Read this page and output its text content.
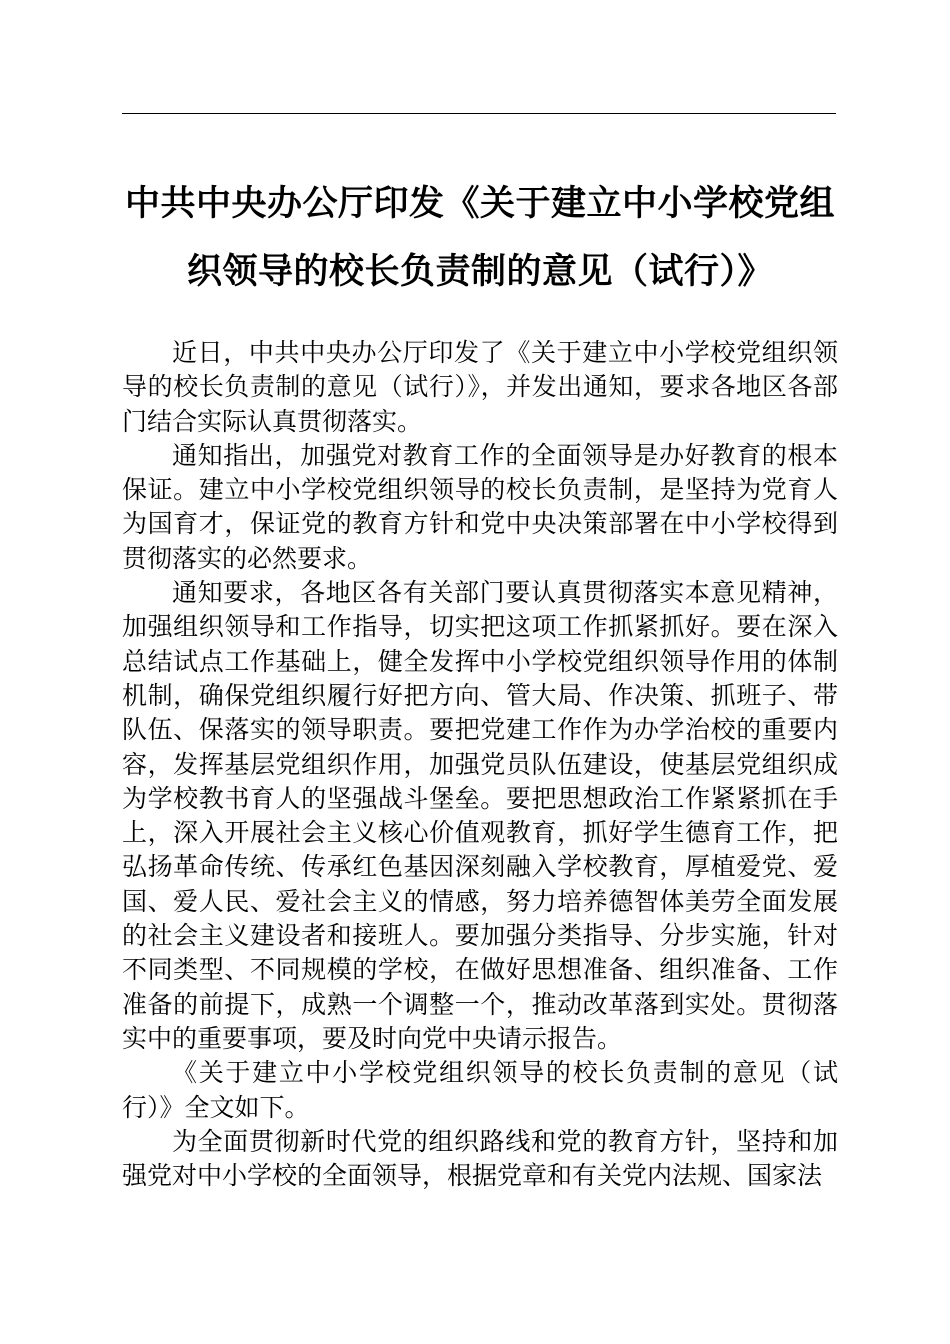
中共中央办公厅印发《关于建立中小学校党组
织领导的校长负责制的意见（试行）》

近日，中共中央办公厅印发了《关于建立中小学校党组织领导的校长负责制的意见（试行）》，并发出通知，要求各地区各部门结合实际认真贯彻落实。

通知指出，加强党对教育工作的全面领导是办好教育的根本保证。建立中小学校党组织领导的校长负责制，是坚持为党育人为国育才，保证党的教育方针和党中央决策部署在中小学校得到贯彻落实的必然要求。

通知要求，各地区各有关部门要认真贯彻落实本意见精神，加强组织领导和工作指导，切实把这项工作抓紧抓好。要在深入总结试点工作基础上，健全发挥中小学校党组织领导作用的体制机制，确保党组织履行好把方向、管大局、作决策、抓班子、带队伍、保落实的领导职责。要把党建工作作为办学治校的重要内容，发挥基层党组织作用，加强党员队伍建设，使基层党组织成为学校教书育人的坚强战斗堡垒。要把思想政治工作紧紧抓在手上，深入开展社会主义核心价值观教育，抓好学生德育工作，把弘扬革命传统、传承红色基因深刻融入学校教育，厚植爱党、爱国、爱人民、爱社会主义的情感，努力培养德智体美劳全面发展的社会主义建设者和接班人。要加强分类指导、分步实施，针对不同类型、不同规模的学校，在做好思想准备、组织准备、工作准备的前提下，成熟一个调整一个，推动改革落到实处。贯彻落实中的重要事项，要及时向党中央请示报告。

《关于建立中小学校党组织领导的校长负责制的意见（试行）》全文如下。

为全面贯彻新时代党的组织路线和党的教育方针，坚持和加强党对中小学校的全面领导，根据党章和有关党内法规、国家法
